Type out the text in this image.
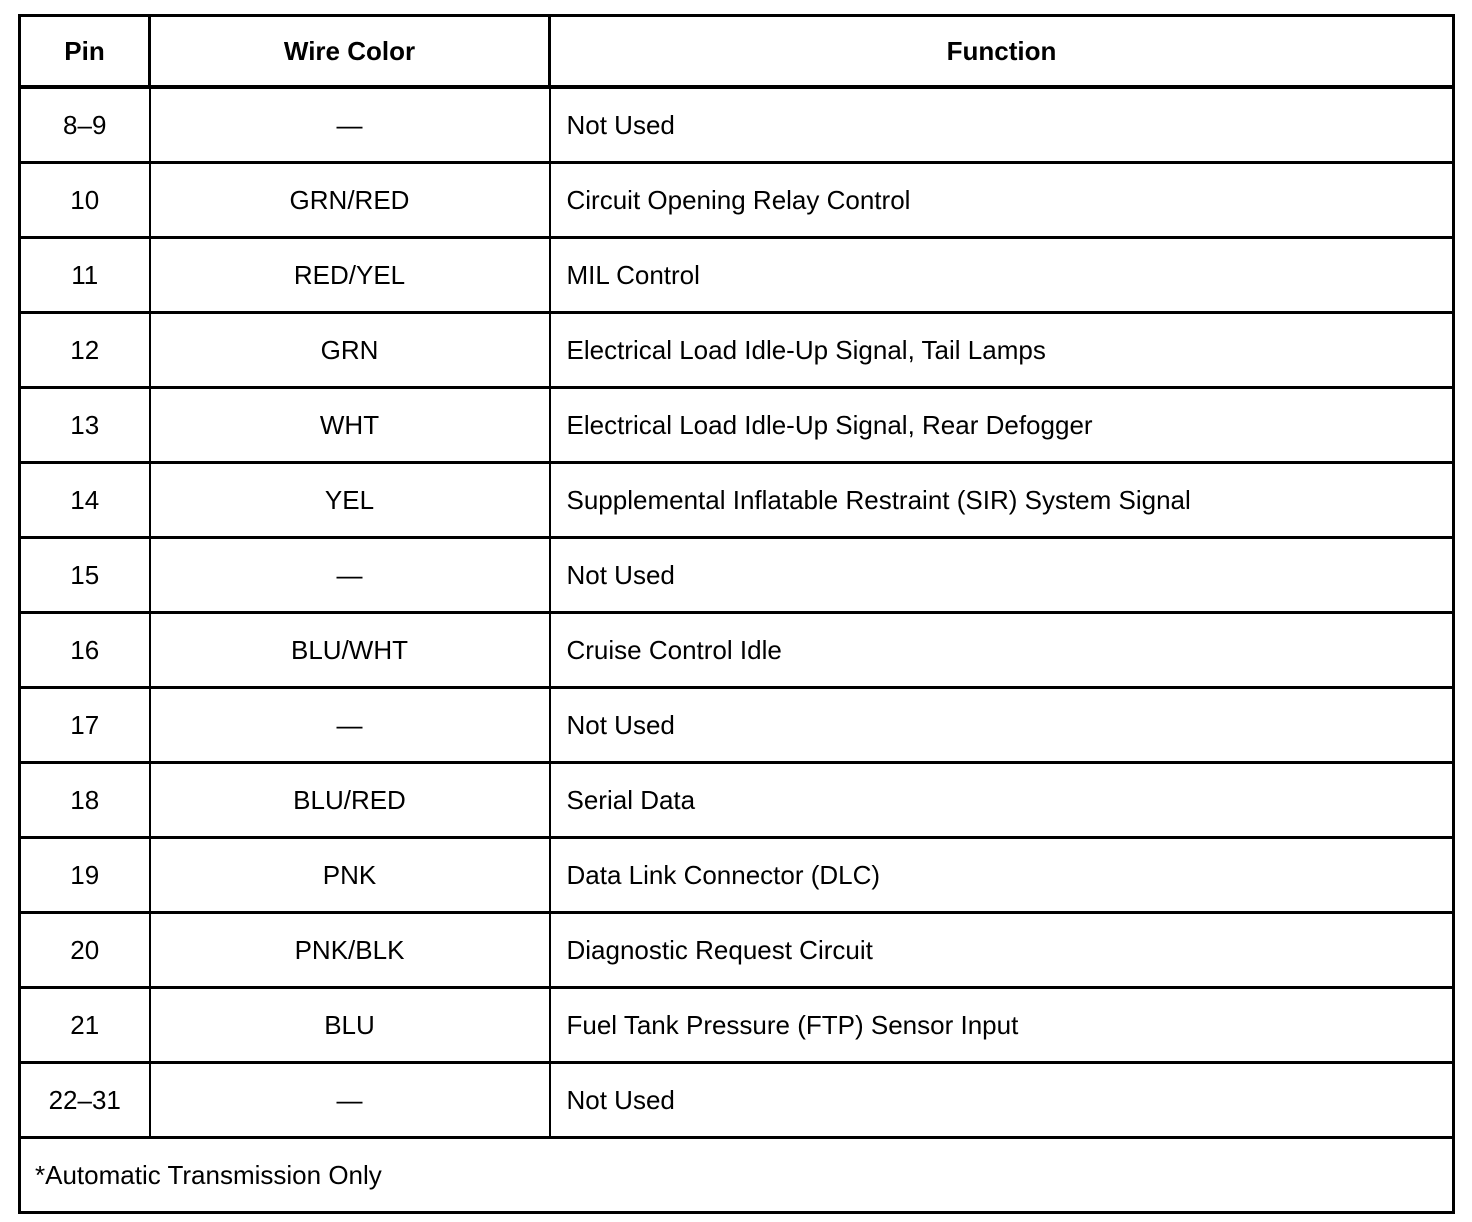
Pin	Wire Color	Function
8–9	—	Not Used
10	GRN/RED	Circuit Opening Relay Control
11	RED/YEL	MIL Control
12	GRN	Electrical Load Idle-Up Signal, Tail Lamps
13	WHT	Electrical Load Idle-Up Signal, Rear Defogger
14	YEL	Supplemental Inflatable Restraint (SIR) System Signal
15	—	Not Used
16	BLU/WHT	Cruise Control Idle
17	—	Not Used
18	BLU/RED	Serial Data
19	PNK	Data Link Connector (DLC)
20	PNK/BLK	Diagnostic Request Circuit
21	BLU	Fuel Tank Pressure (FTP) Sensor Input
22–31	—	Not Used
*Automatic Transmission Only		
